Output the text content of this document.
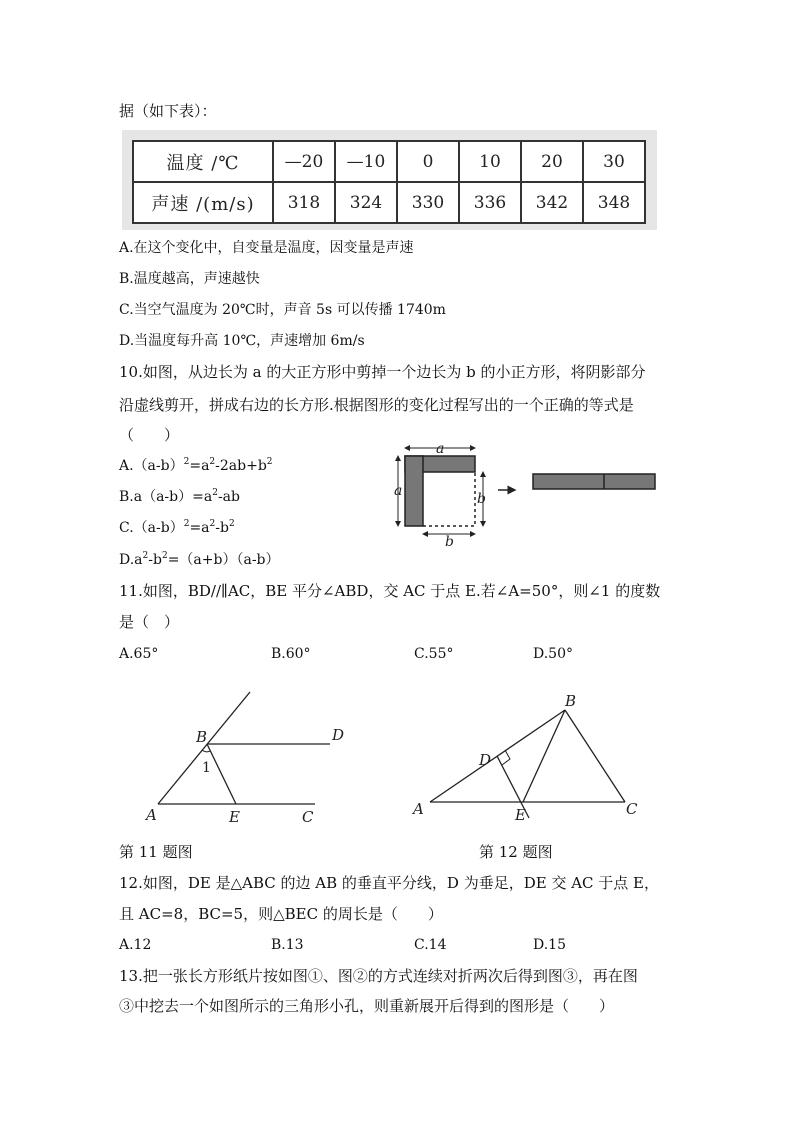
据（如下表）：
温度 /℃	—20	—10	0	10	20	30
声速 /(m/s)	318	324	330	336	342	348
A.在这个变化中，自变量是温度，因变量是声速
B.温度越高，声速越快
C.当空气温度为 20℃时，声音 5s 可以传播 1740m
D.当温度每升高 10℃，声速增加 6m/s
10.如图，从边长为 a 的大正方形中剪掉一个边长为 b 的小正方形，将阴影部分
沿虚线剪开，拼成右边的长方形.根据图形的变化过程写出的一个正确的等式是
（　　）
$A.(a-b)^2=a^2-2ab+b^2$
$B.a(a-b)=a^2-ab$
$C.(a-b)^2=a^2-b^2$
$D.a^2-b^2=(a+b)(a-b)$
a
a	b
b
11.如图，BD//∥AC，BE 平分∠ABD，交 AC 于点 E.若∠A=50°，则∠1 的度数
是（　）
A.65°	B.60°	C.55°	D.50°
B	D
1
A	E	C
B
D
A	E	C
第 11 题图	第 12 题图
12.如图，DE 是△ABC 的边 AB 的垂直平分线，D 为垂足，DE 交 AC 于点 E，
且 AC=8，BC=5，则△BEC 的周长是（　　）
A.12	B.13	C.14	D.15
13.把一张长方形纸片按如图①、图②的方式连续对折两次后得到图③，再在图
③中挖去一个如图所示的三角形小孔，则重新展开后得到的图形是（　　）
